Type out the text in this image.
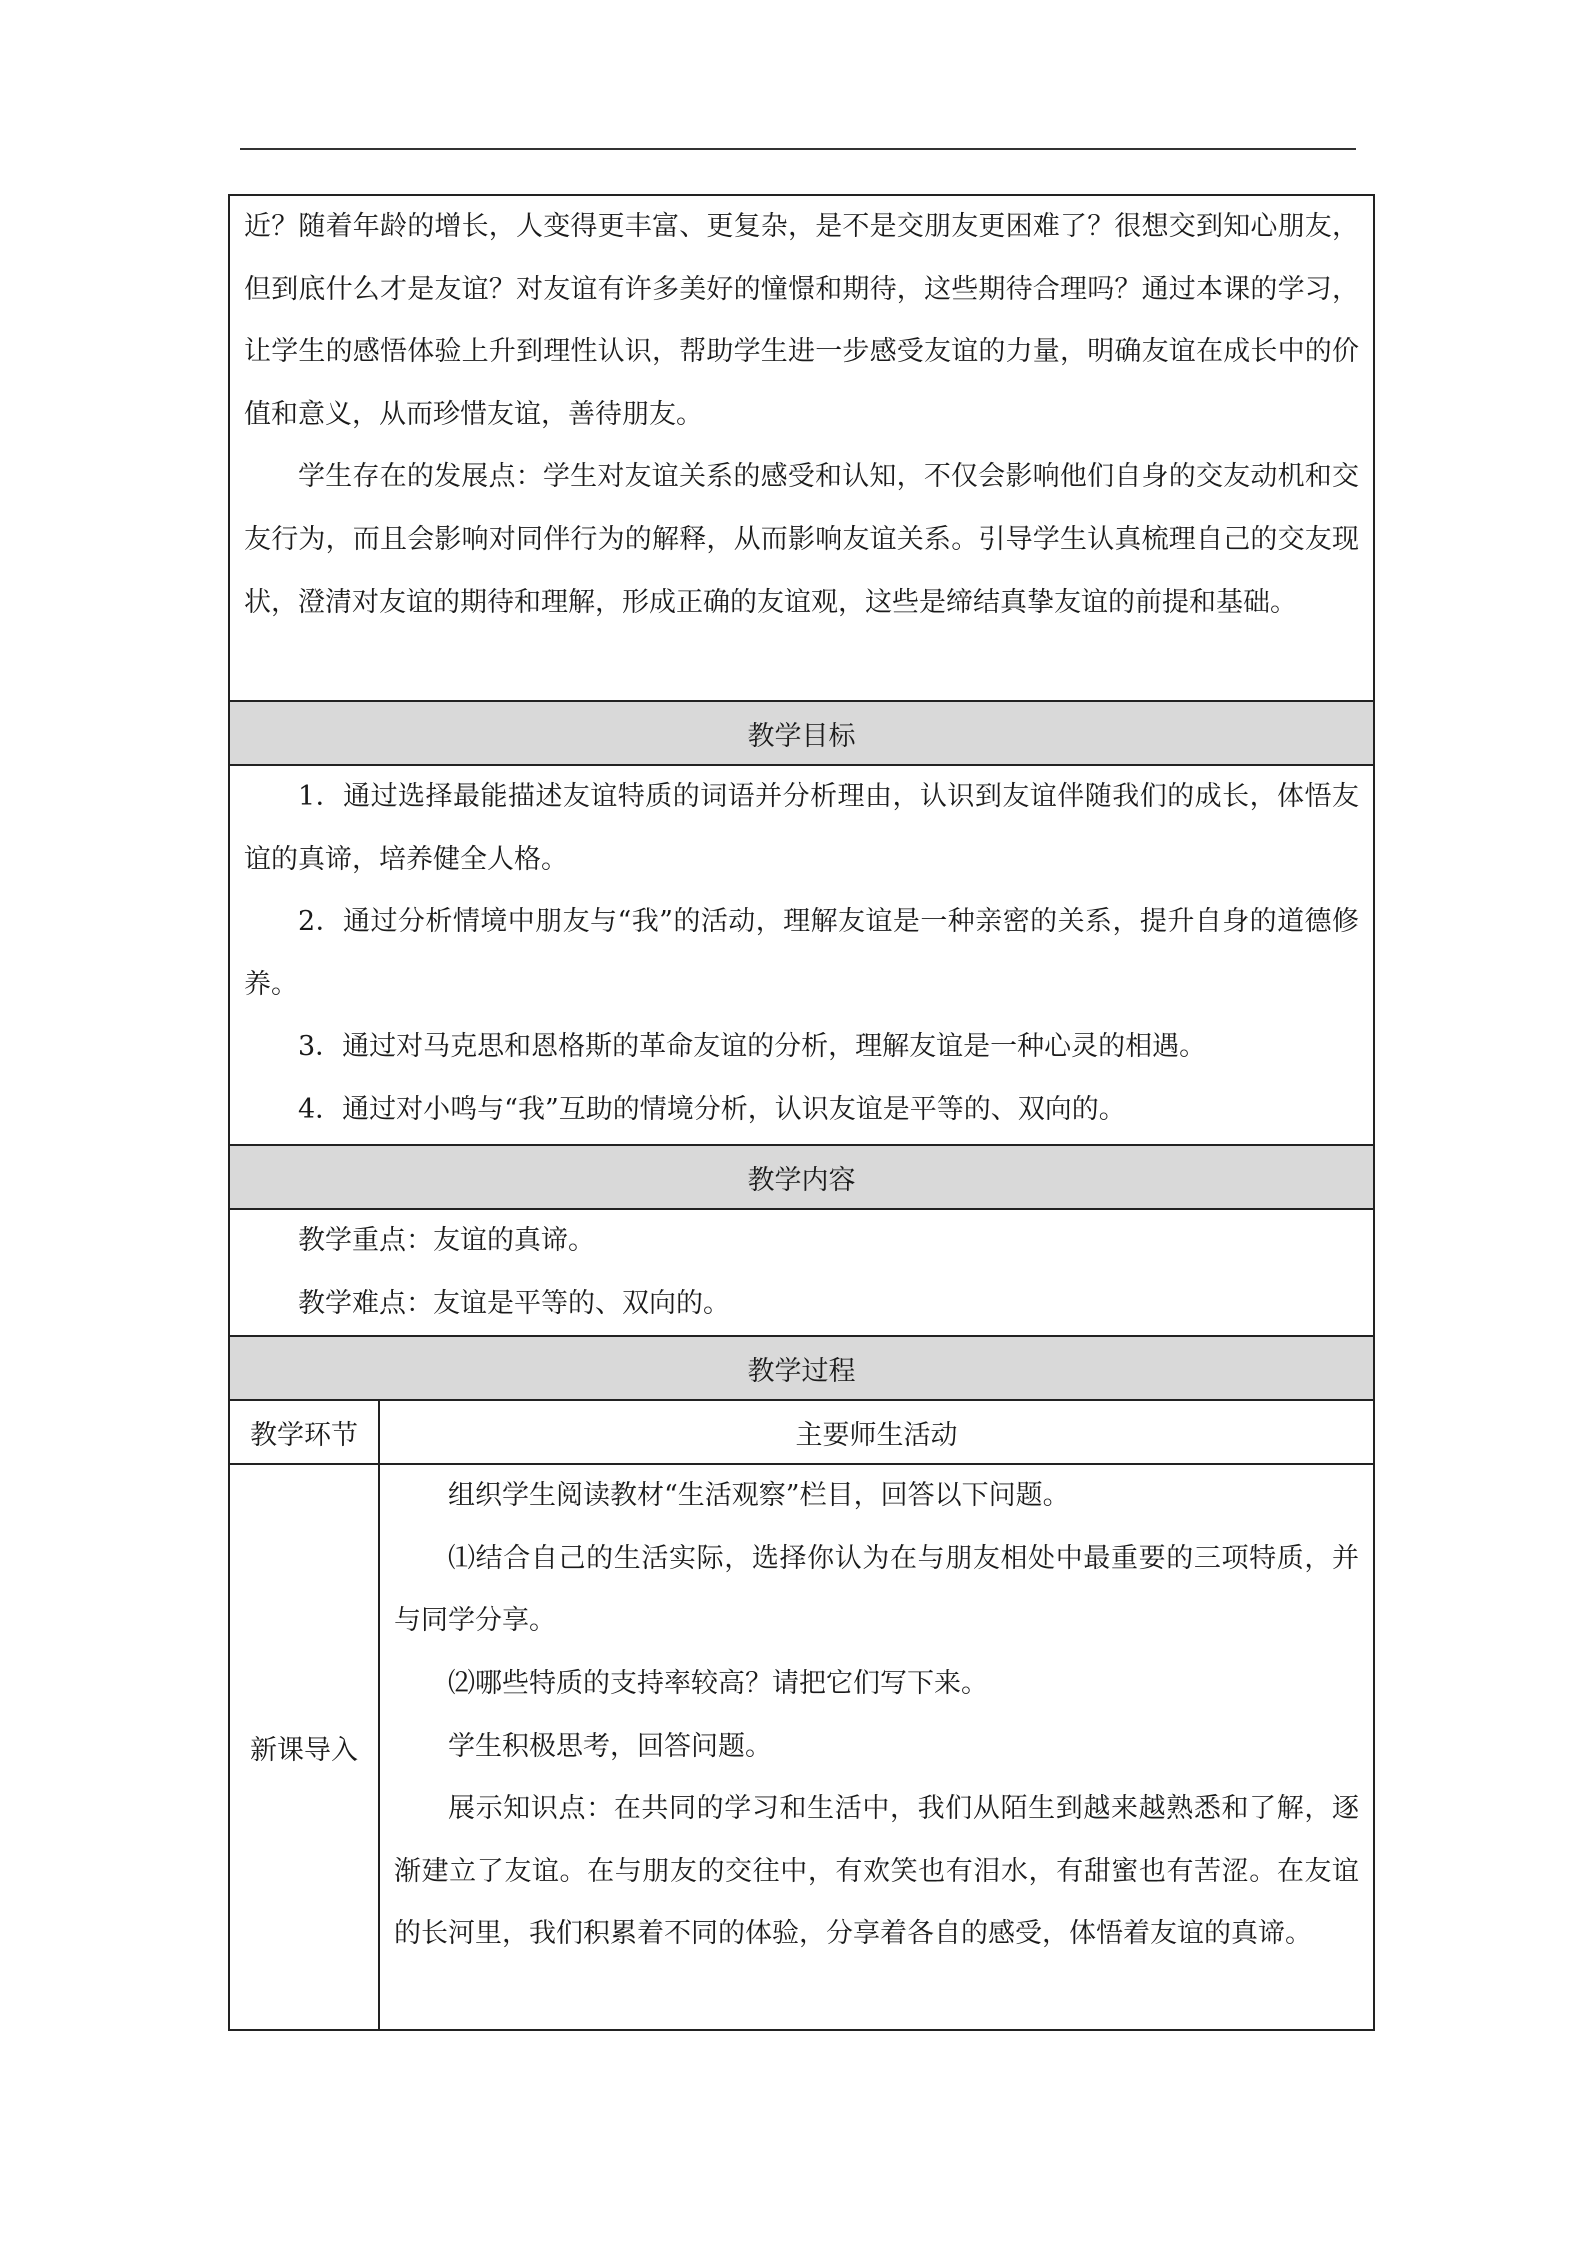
近？随着年龄的增长，人变得更丰富、更复杂，是不是交朋友更困难了？很想交到知心朋友，但到底什么才是友谊？对友谊有许多美好的憧憬和期待，这些期待合理吗？通过本课的学习，让学生的感悟体验上升到理性认识，帮助学生进一步感受友谊的力量，明确友谊在成长中的价值和意义，从而珍惜友谊，善待朋友。

学生存在的发展点：学生对友谊关系的感受和认知，不仅会影响他们自身的交友动机和交友行为，而且会影响对同伴行为的解释，从而影响友谊关系。引导学生认真梳理自己的交友现状，澄清对友谊的期待和理解，形成正确的友谊观，这些是缔结真挚友谊的前提和基础。	

教学目标	

1．通过选择最能描述友谊特质的词语并分析理由，认识到友谊伴随我们的成长，体悟友谊的真谛，培养健全人格。

2．通过分析情境中朋友与“我”的活动，理解友谊是一种亲密的关系，提升自身的道德修养。

3．通过对马克思和恩格斯的革命友谊的分析，理解友谊是一种心灵的相遇。

4．通过对小鸣与“我”互助的情境分析，认识友谊是平等的、双向的。	

教学内容	

教学重点：友谊的真谛。

教学难点：友谊是平等的、双向的。	

教学过程	
教学环节	主要师生活动
新课导入	组织学生阅读教材“生活观察”栏目，回答以下问题。

⑴结合自己的生活实际，选择你认为在与朋友相处中最重要的三项特质，并与同学分享。

⑵哪些特质的支持率较高？请把它们写下来。

学生积极思考，回答问题。

展示知识点：在共同的学习和生活中，我们从陌生到越来越熟悉和了解，逐渐建立了友谊。在与朋友的交往中，有欢笑也有泪水，有甜蜜也有苦涩。在友谊的长河里，我们积累着不同的体验，分享着各自的感受，体悟着友谊的真谛。
